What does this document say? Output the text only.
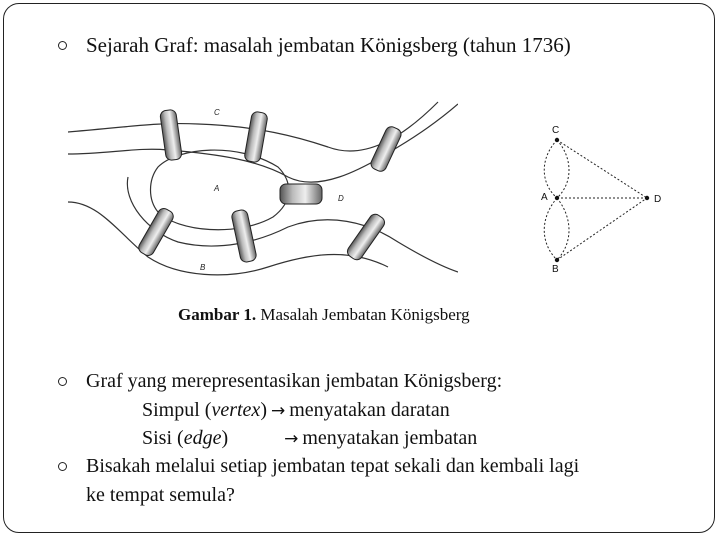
Sejarah Graf: masalah jembatan Königsberg (tahun 1736)
C
A
D
B
C
A
B
D
Gambar 1. Masalah Jembatan Königsberg
Graf yang merepresentasikan jembatan Königsberg:
Simpul (vertex) → menyatakan daratan
Sisi (edge)	→ menyatakan jembatan
Bisakah melalui setiap jembatan tepat sekali dan kembali lagi
ke tempat semula?
